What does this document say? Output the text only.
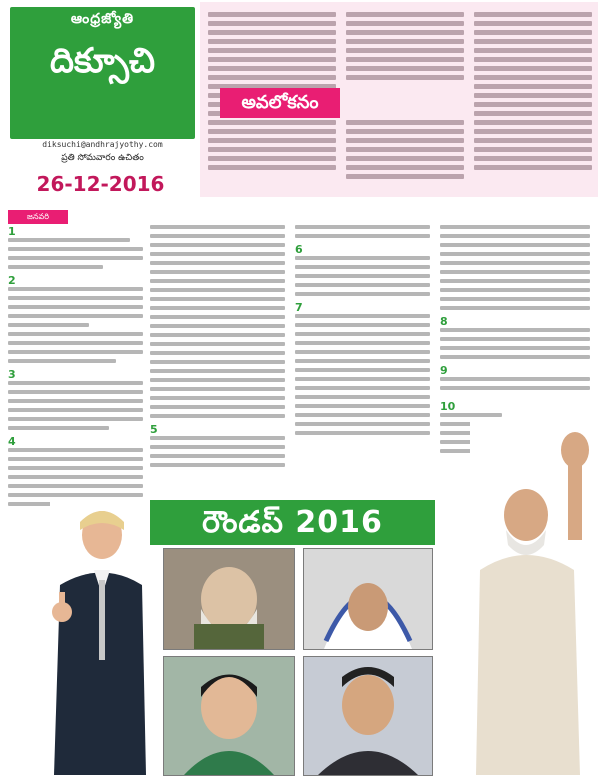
ఆంధ్రజ్యోతి
దిక్సూచి
diksuchi@andhrajyothy.com
ప్రతి సోమవారం ఉచితం
26-12-2016
అవలోకనం
జనవరి
1
2
3
4
5
6
7
8
9
10
రౌండప్ 2016
